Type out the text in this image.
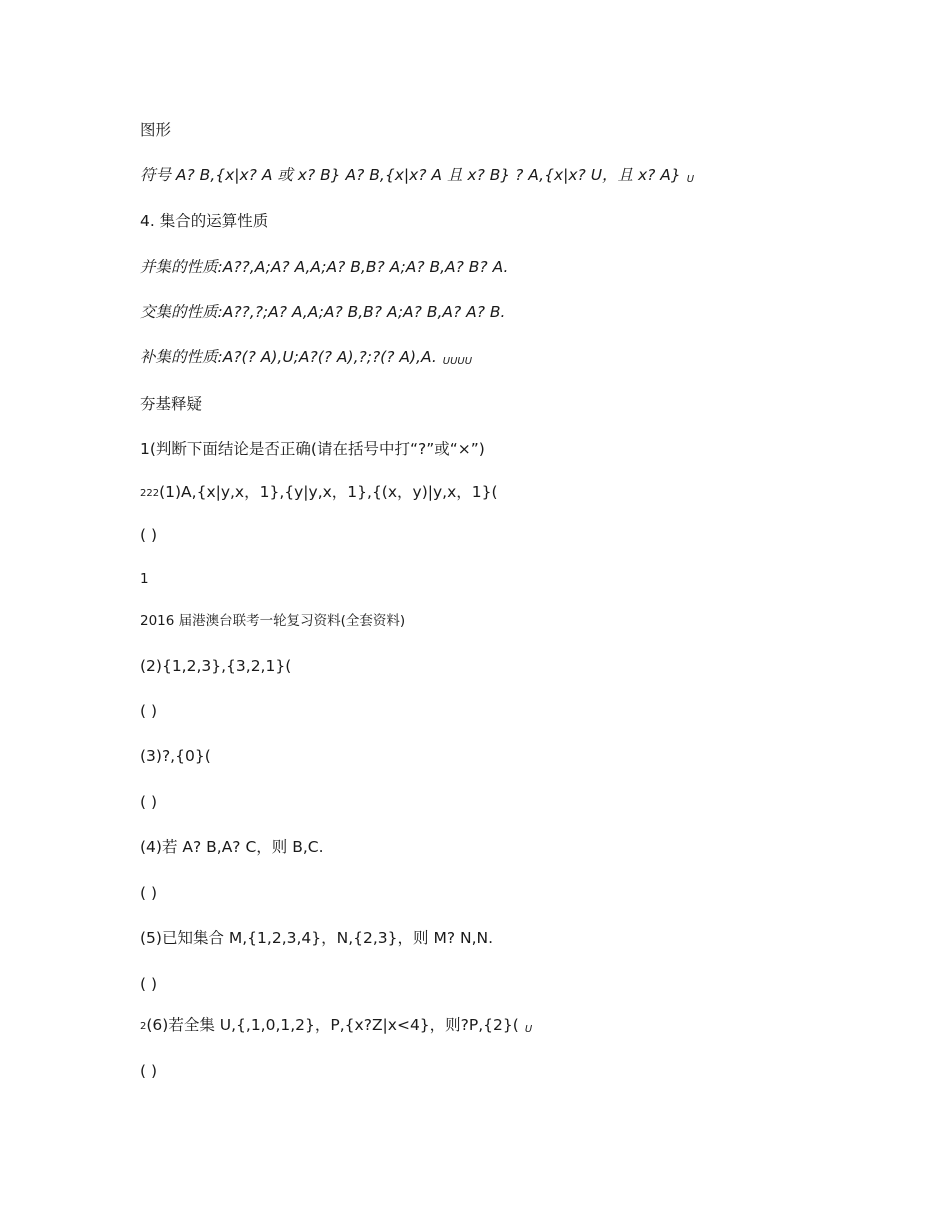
图形
符号 A? B,{x|x? A 或 x? B} A? B,{x|x? A 且 x? B} ? A,{x|x? U，且 x? A} $_U$
4. 集合的运算性质
并集的性质:A??,A;A? A,A;A? B,B? A;A? B,A? B? A.
交集的性质:A??,?;A? A,A;A? B,B? A;A? B,A? A? B.
补集的性质:A?(? A),U;A?(? A),?;?(? A),A. $_{UUUU}$
夯基释疑
1(判断下面结论是否正确(请在括号中打“?”或“×”)
222(1)A,{x|y,x，1},{y|y,x，1},{(x，y)|y,x，1}(
( )
1
2016 届港澳台联考一轮复习资料(全套资料)
(2){1,2,3},{3,2,1}(
( )
(3)?,{0}(
( )
(4)若 A? B,A? C，则 B,C.
( )
(5)已知集合 M,{1,2,3,4}，N,{2,3}，则 M? N,N.
( )
2(6)若全集 U,{,1,0,1,2}，P,{x?Z|x<4}，则?P,{2}( $_U$
( )
